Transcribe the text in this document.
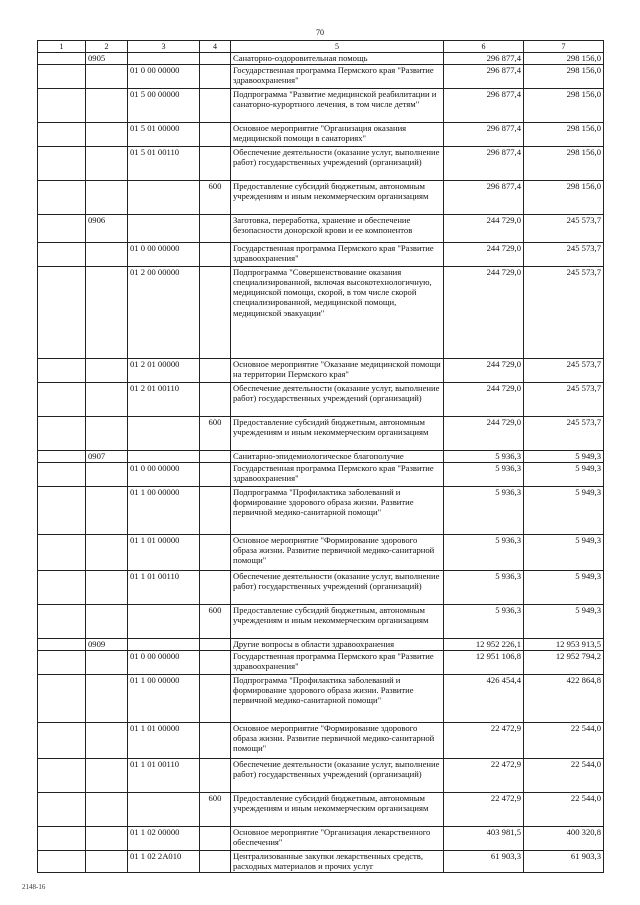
70
1	2	3	4	5	6	7
	0905			Санаторно-оздоровительная помощь	296 877,4	298 156,0
		01 0 00 00000		Государственная программа Пермского края "Развитие здравоохранения"	296 877,4	298 156,0
		01 5 00 00000		Подпрограмма "Развитие медицинской реабилитации и санаторно-курортного лечения, в том числе детям"	296 877,4	298 156,0
		01 5 01 00000		Основное мероприятие "Организация оказания медицинской помощи в санаториях"	296 877,4	298 156,0
		01 5 01 00110		Обеспечение деятельности (оказание услуг, выполнение работ) государственных учреждений (организаций)	296 877,4	298 156,0
			600	Предоставление субсидий бюджетным, автономным учреждениям и иным некоммерческим организациям	296 877,4	298 156,0
	0906			Заготовка, переработка, хранение и обеспечение безопасности донорской крови и ее компонентов	244 729,0	245 573,7
		01 0 00 00000		Государственная программа Пермского края "Развитие здравоохранения"	244 729,0	245 573,7
		01 2 00 00000		Подпрограмма "Совершенствование оказания специализированной, включая высокотехнологичную, медицинской помощи, скорой, в том числе скорой специализированной, медицинской помощи, медицинской эвакуации"	244 729,0	245 573,7
		01 2 01 00000		Основное мероприятие "Оказание медицинской помощи на территории Пермского края"	244 729,0	245 573,7
		01 2 01 00110		Обеспечение деятельности (оказание услуг, выполнение работ) государственных учреждений (организаций)	244 729,0	245 573,7
			600	Предоставление субсидий бюджетным, автономным учреждениям и иным некоммерческим организациям	244 729,0	245 573,7
	0907			Санитарно-эпидемиологическое благополучие	5 936,3	5 949,3
		01 0 00 00000		Государственная программа Пермского края "Развитие здравоохранения"	5 936,3	5 949,3
		01 1 00 00000		Подпрограмма "Профилактика заболеваний и формирование здорового образа жизни. Развитие первичной медико-санитарной помощи"	5 936,3	5 949,3
		01 1 01 00000		Основное мероприятие "Формирование здорового образа жизни. Развитие первичной медико-санитарной помощи"	5 936,3	5 949,3
		01 1 01 00110		Обеспечение деятельности (оказание услуг, выполнение работ) государственных учреждений (организаций)	5 936,3	5 949,3
			600	Предоставление субсидий бюджетным, автономным учреждениям и иным некоммерческим организациям	5 936,3	5 949,3
	0909			Другие вопросы в области здравоохранения	12 952 226,1	12 953 913,5
		01 0 00 00000		Государственная программа Пермского края "Развитие здравоохранения"	12 951 106,8	12 952 794,2
		01 1 00 00000		Подпрограмма "Профилактика заболеваний и формирование здорового образа жизни. Развитие первичной медико-санитарной помощи"	426 454,4	422 864,8
		01 1 01 00000		Основное мероприятие "Формирование здорового образа жизни. Развитие первичной медико-санитарной помощи"	22 472,9	22 544,0
		01 1 01 00110		Обеспечение деятельности (оказание услуг, выполнение работ) государственных учреждений (организаций)	22 472,9	22 544,0
			600	Предоставление субсидий бюджетным, автономным учреждениям и иным некоммерческим организациям	22 472,9	22 544,0
		01 1 02 00000		Основное мероприятие "Организация лекарственного обеспечения"	403 981,5	400 320,8
		01 1 02 2А010		Централизованные закупки лекарственных средств, расходных материалов и прочих услуг	61 903,3	61 903,3
2148-16
